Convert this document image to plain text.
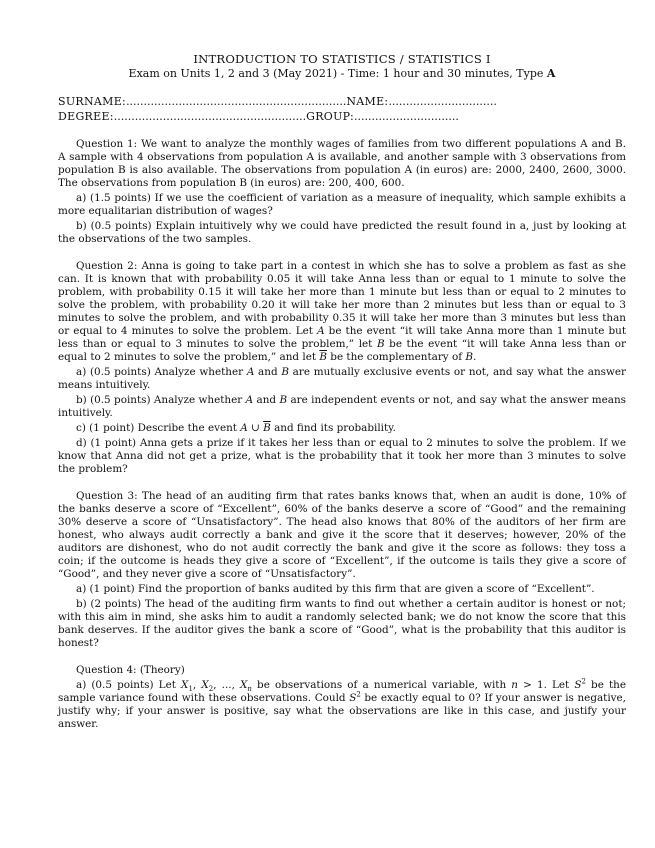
INTRODUCTION TO STATISTICS / STATISTICS I
Exam on Units 1, 2 and 3 (May 2021) - Time: 1 hour and 30 minutes, Type A
SURNAME:...............................................................NAME:...............................
DEGREE:.......................................................GROUP:..............................

Question 1: We want to analyze the monthly wages of families from two different populations A and B. A sample with 4 observations from population A is available, and another sample with 3 observations from population B is also available. The observations from population A (in euros) are: 2000, 2400, 2600, 3000. The observations from population B (in euros) are: 200, 400, 600.

a) (1.5 points) If we use the coefficient of variation as a measure of inequality, which sample exhibits a more equalitarian distribution of wages?

b) (0.5 points) Explain intuitively why we could have predicted the result found in a, just by looking at the observations of the two samples.

Question 2: Anna is going to take part in a contest in which she has to solve a problem as fast as she can. It is known that with probability 0.05 it will take Anna less than or equal to 1 minute to solve the problem, with probability 0.15 it will take her more than 1 minute but less than or equal to 2 minutes to solve the problem, with probability 0.20 it will take her more than 2 minutes but less than or equal to 3 minutes to solve the problem, and with probability 0.35 it will take her more than 3 minutes but less than or equal to 4 minutes to solve the problem. Let A be the event “it will take Anna more than 1 minute but less than or equal to 3 minutes to solve the problem,” let B be the event “it will take Anna less than or equal to 2 minutes to solve the problem,” and let $\overline{B}$ be the complementary of B.

a) (0.5 points) Analyze whether A and B are mutually exclusive events or not, and say what the answer means intuitively.

b) (0.5 points) Analyze whether A and B are independent events or not, and say what the answer means intuitively.

c) (1 point) Describe the event A ∪ $\overline{B}$ and find its probability.

d) (1 point) Anna gets a prize if it takes her less than or equal to 2 minutes to solve the problem. If we know that Anna did not get a prize, what is the probability that it took her more than 3 minutes to solve the problem?

Question 3: The head of an auditing firm that rates banks knows that, when an audit is done, 10% of the banks deserve a score of “Excellent”, 60% of the banks deserve a score of “Good” and the remaining 30% deserve a score of “Unsatisfactory”. The head also knows that 80% of the auditors of her firm are honest, who always audit correctly a bank and give it the score that it deserves; however, 20% of the auditors are dishonest, who do not audit correctly the bank and give it the score as follows: they toss a coin; if the outcome is heads they give a score of “Excellent”, if the outcome is tails they give a score of “Good”, and they never give a score of “Unsatisfactory”.

a) (1 point) Find the proportion of banks audited by this firm that are given a score of “Excellent”.

b) (2 points) The head of the auditing firm wants to find out whether a certain auditor is honest or not; with this aim in mind, she asks him to audit a randomly selected bank; we do not know the score that this bank deserves. If the auditor gives the bank a score of “Good”, what is the probability that this auditor is honest?

Question 4: (Theory)

a) (0.5 points) Let $X_1$, $X_2$, ..., $X_n$ be observations of a numerical variable, with n > 1. Let $S^2$ be the sample variance found with these observations. Could $S^2$ be exactly equal to 0? If your answer is negative, justify why; if your answer is positive, say what the observations are like in this case, and justify your answer.
